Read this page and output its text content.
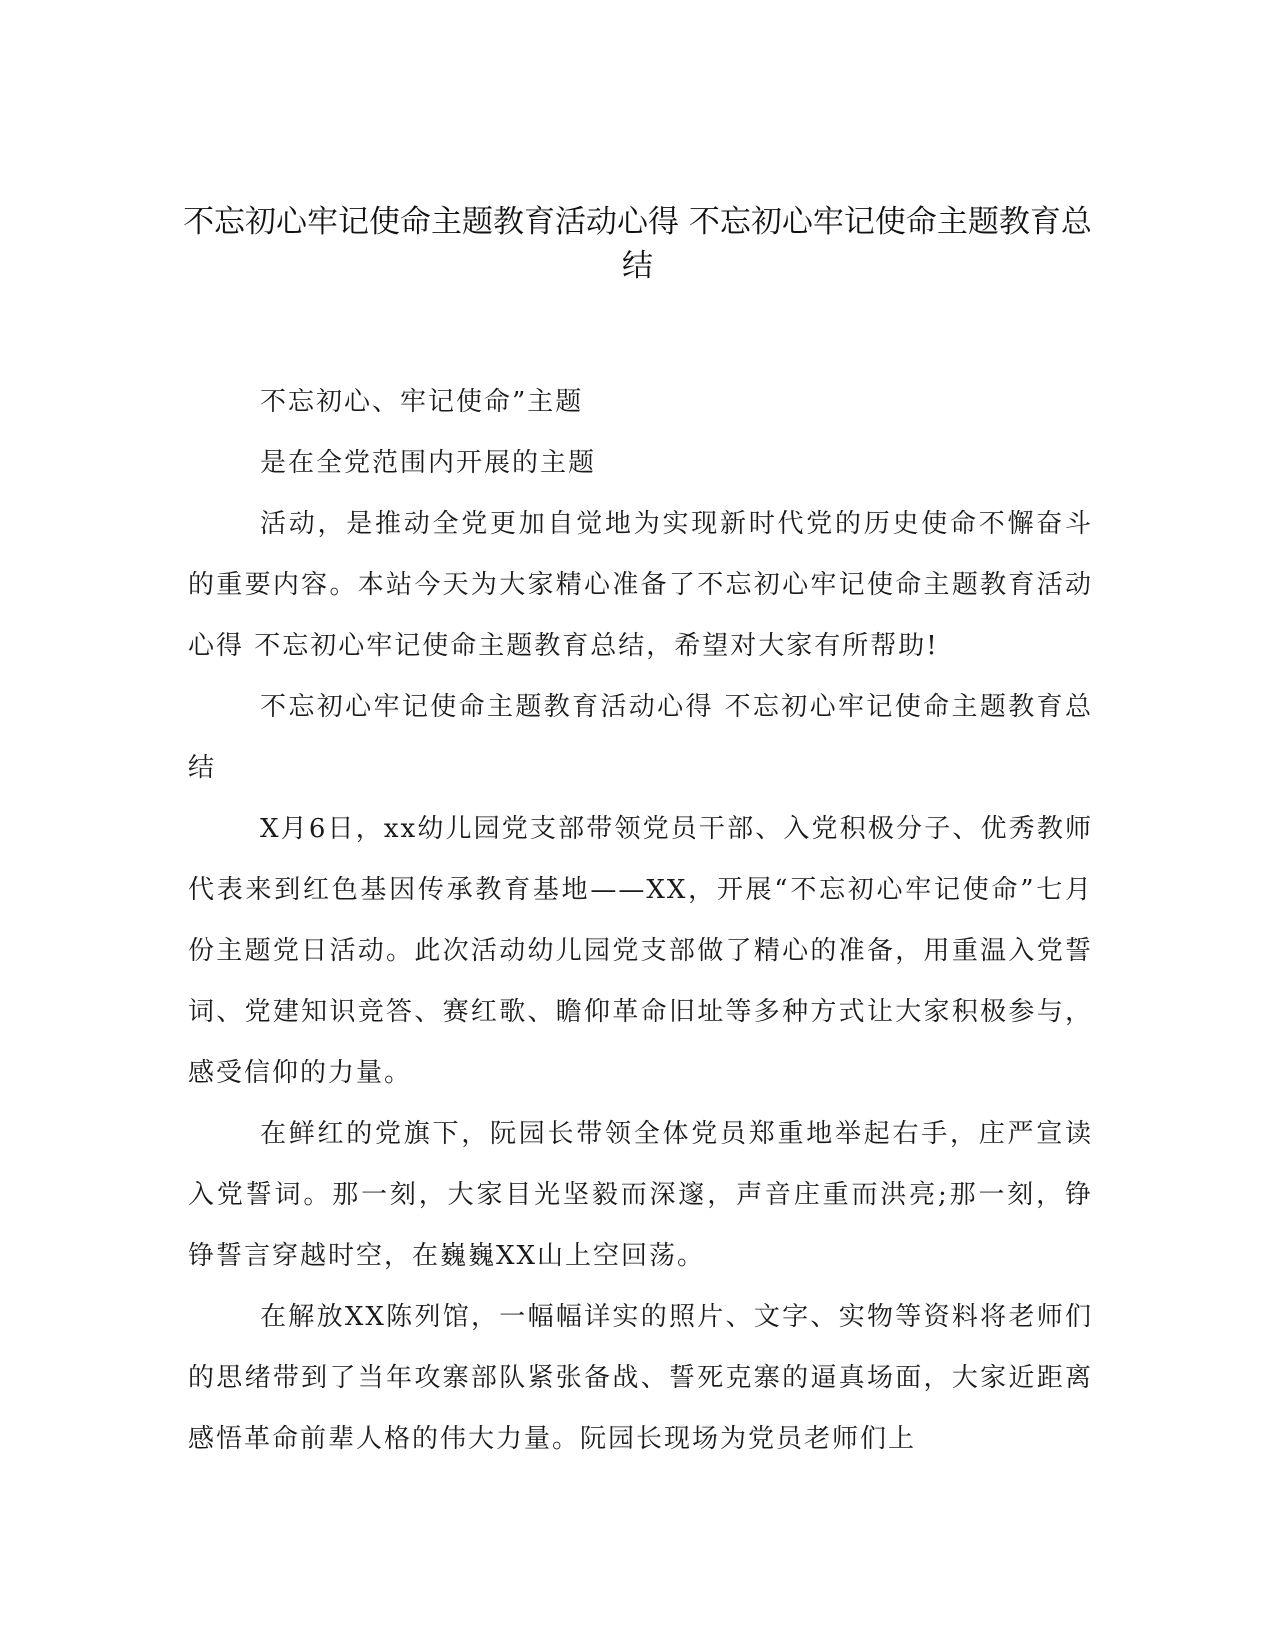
不忘初心牢记使命主题教育活动心得 不忘初心牢记使命主题教育总结

不忘初心、牢记使命”主题

是在全党范围内开展的主题

活动，是推动全党更加自觉地为实现新时代党的历史使命不懈奋斗的重要内容。本站今天为大家精心准备了不忘初心牢记使命主题教育活动心得 不忘初心牢记使命主题教育总结，希望对大家有所帮助!

不忘初心牢记使命主题教育活动心得 不忘初心牢记使命主题教育总结

X月6日，xx幼儿园党支部带领党员干部、入党积极分子、优秀教师代表来到红色基因传承教育基地——XX，开展“不忘初心牢记使命”七月份主题党日活动。此次活动幼儿园党支部做了精心的准备，用重温入党誓词、党建知识竞答、赛红歌、瞻仰革命旧址等多种方式让大家积极参与，感受信仰的力量。

在鲜红的党旗下，阮园长带领全体党员郑重地举起右手，庄严宣读入党誓词。那一刻，大家目光坚毅而深邃，声音庄重而洪亮;那一刻，铮铮誓言穿越时空，在巍巍XX山上空回荡。

在解放XX陈列馆，一幅幅详实的照片、文字、实物等资料将老师们的思绪带到了当年攻寨部队紧张备战、誓死克寨的逼真场面，大家近距离感悟革命前辈人格的伟大力量。阮园长现场为党员老师们上
